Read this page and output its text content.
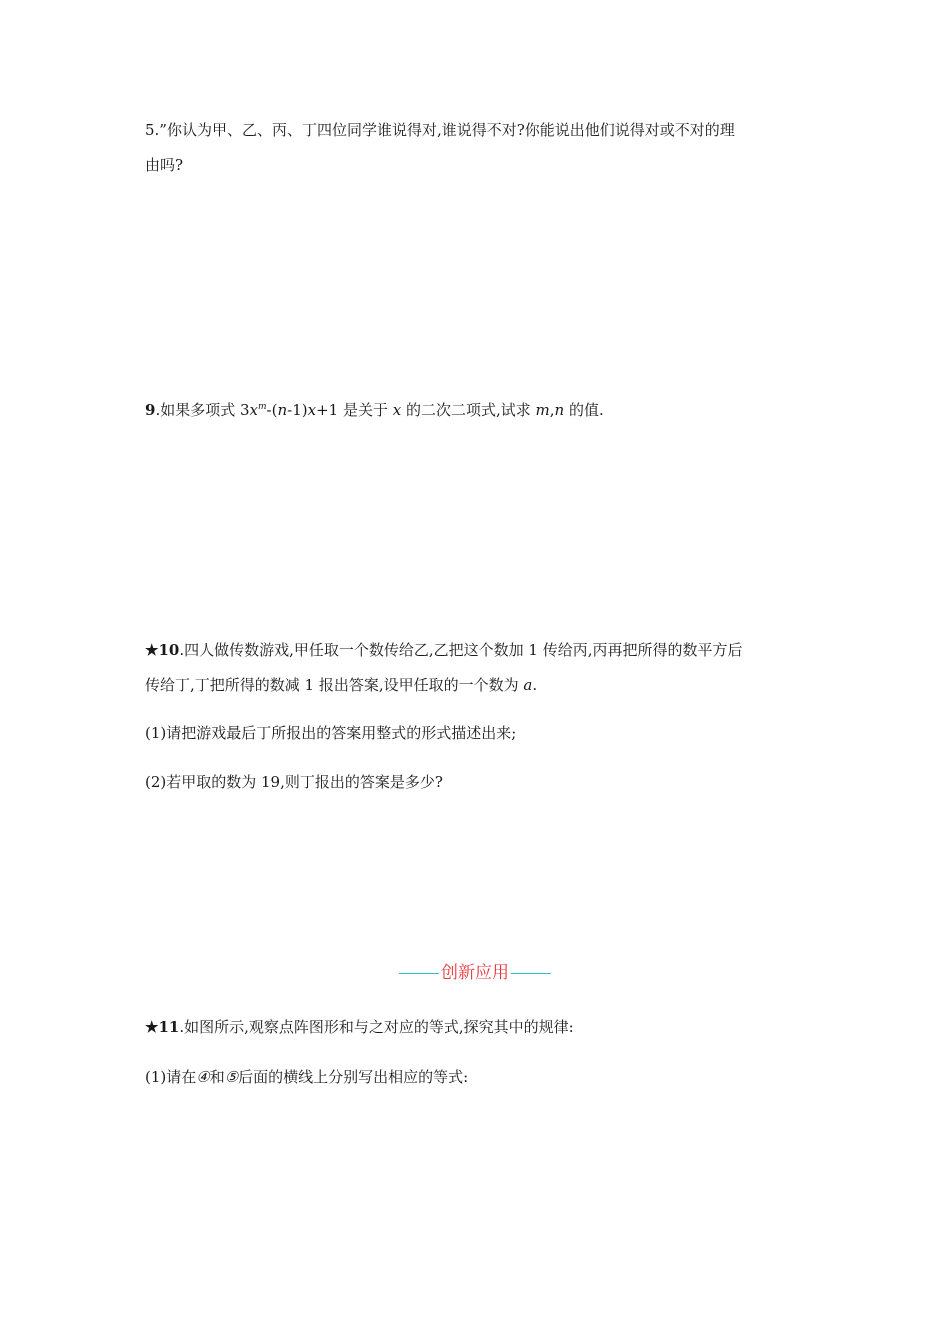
5.”你认为甲、乙、丙、丁四位同学谁说得对,谁说得不对?你能说出他们说得对或不对的理
由吗?
9.如果多项式 $3x^m-(n-1)x+1$ 是关于 x 的二次二项式,试求 m,n 的值.
★10.四人做传数游戏,甲任取一个数传给乙,乙把这个数加 1 传给丙,丙再把所得的数平方后
传给丁,丁把所得的数减 1 报出答案,设甲任取的一个数为 a.
(1)请把游戏最后丁所报出的答案用整式的形式描述出来;
(2)若甲取的数为 19,则丁报出的答案是多少?
创新应用
★11.如图所示,观察点阵图形和与之对应的等式,探究其中的规律:
(1)请在④和⑤后面的横线上分别写出相应的等式:
